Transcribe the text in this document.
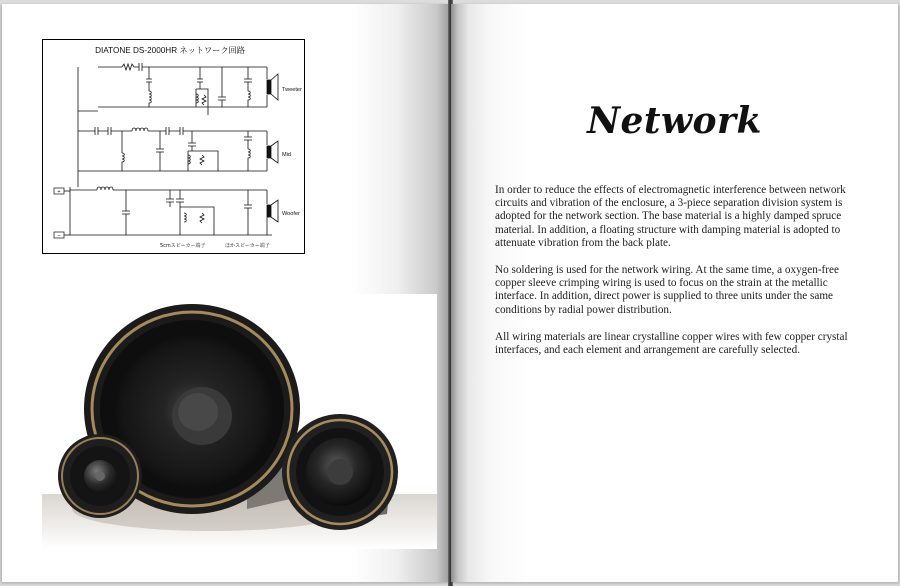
DIATONE DS-2000HR ネットワーク回路
Tweeter
Mid
Woofer
+
−
5cmスピーカー端子	ほかスピーカー端子
Network

In order to reduce the effects of electromagnetic interference between network circuits and vibration of the enclosure, a 3-piece separation division system is adopted for the network section. The base material is a highly damped spruce material. In addition, a floating structure with damping material is adopted to attenuate vibration from the back plate.

No soldering is used for the network wiring. At the same time, a oxygen-free copper sleeve crimping wiring is used to focus on the strain at the metallic interface. In addition, direct power is supplied to three units under the same conditions by radial power distribution.

All wiring materials are linear crystalline copper wires with few copper crystal interfaces, and each element and arrangement are carefully selected.
